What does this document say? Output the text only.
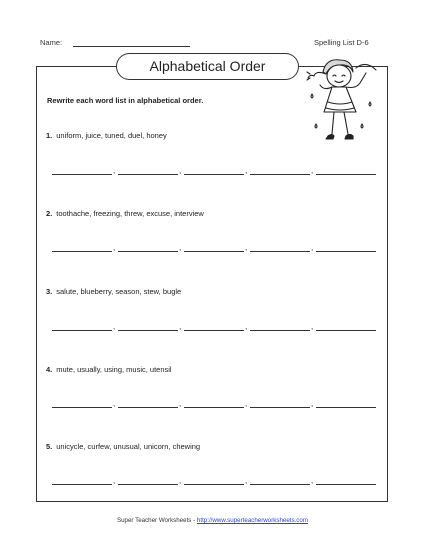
Name:	Spelling List D-6
Alphabetical Order
Rewrite each word list in alphabetical order.
1. uniform, juice, tuned, duel, honey
,	,	,	,
2. toothache, freezing, threw, excuse, interview
,	,	,	,
3. salute, blueberry, season, stew, bugle
,	,	,	,
4. mute, usually, using, music, utensil
,	,	,	,
5. unicycle, curfew, unusual, unicorn, chewing
,	,	,	,
Super Teacher Worksheets - http://www.superteacherworksheets.com
